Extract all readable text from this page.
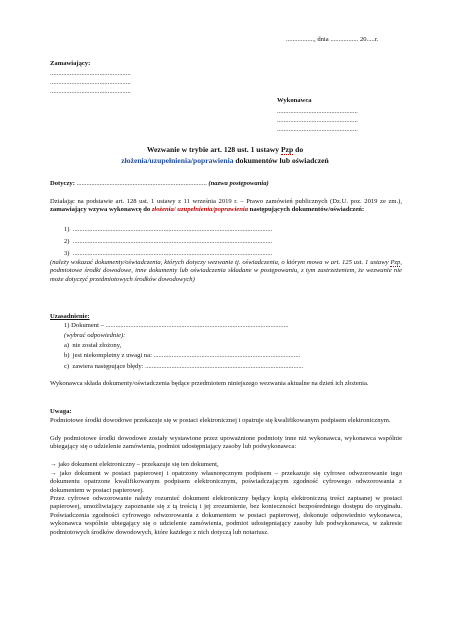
................., dnia ................. 20.....r.
Zamawiający:
.................................................
.................................................
.................................................
Wykonawca
.................................................
.................................................
.................................................
Wezwanie w trybie art. 128 ust. 1 ustawy Pzp do
złożenia/uzupełnienia/poprawienia dokumentów lub oświadczeń
Dotyczy: ............................................................................... (nazwa postępowania)
Działając na podstawie art. 128 ust. 1 ustawy z 11 września 2019 r. – Prawo zamówień publicznych (Dz.U. poz. 2019 ze zm.), zamawiający wzywa wykonawcę do złożenia/ uzupełnienia/poprawienia następujących dokumentów/oświadczeń:
1) .........................................................................................................................
2) .........................................................................................................................
3) .........................................................................................................................
(należy wskazać dokumenty/oświadczenia, których dotyczy wezwanie tj. oświadczenia, o którym mowa w art. 125 ust. 1 ustawy Pzp, podmiotowe środki dowodowe, inne dokumenty lub oświadczenia składane w postępowaniu, z tym zastrzeżeniem, że wezwanie nie może dotyczyć przedmiotowych środków dowodowych)
Uzasadnienie:
1) Dokument – ...............................................................................................................
(wybrać odpowiednie):
a) nie został złożony,
b) jest niekompletny z uwagi na: .........................................................................................
c) zawiera następujące błędy: ................................................................................................
Wykonawca składa dokumenty/oświadczenia będące przedmiotem niniejszego wezwania aktualne na dzień ich złożenia.
Uwaga:
Podmiotowe środki dowodowe przekazuje się w postaci elektronicznej i opatruje się kwalifikowanym podpisem elektronicznym.
Gdy podmiotowe środki dowodowe zostały wystawione przez upoważnione podmioty inne niż wykonawca, wykonawca wspólnie ubiegający się o udzielenie zamówienia, podmiot udostępniający zasoby lub podwykonawca:
→ jako dokument elektroniczny – przekazuje się ten dokument,
→ jako dokument w postaci papierowej i opatrzony własnoręcznym podpisem – przekazuje się cyfrowe odwzorowanie tego dokumentu opatrzone kwalifikowanym podpisem elektronicznym, poświadczającym zgodność cyfrowego odwzorowania z dokumentem w postaci papierowej.
Przez cyfrowe odwzorowanie należy rozumieć dokument elektroniczny będący kopią elektroniczną treści zapisanej w postaci papierowej, umożliwiający zapoznanie się z tą treścią i jej zrozumienie, bez konieczności bezpośredniego dostępu do oryginału. Poświadczenia zgodności cyfrowego odwzorowania z dokumentem w postaci papierowej, dokonuje odpowiednio wykonawca, wykonawca wspólnie ubiegający się o udzielenie zamówienia, podmiot udostępniający zasoby lub podwykonawca, w zakresie podmiotowych środków dowodowych, które każdego z nich dotyczą lub notariusz.
